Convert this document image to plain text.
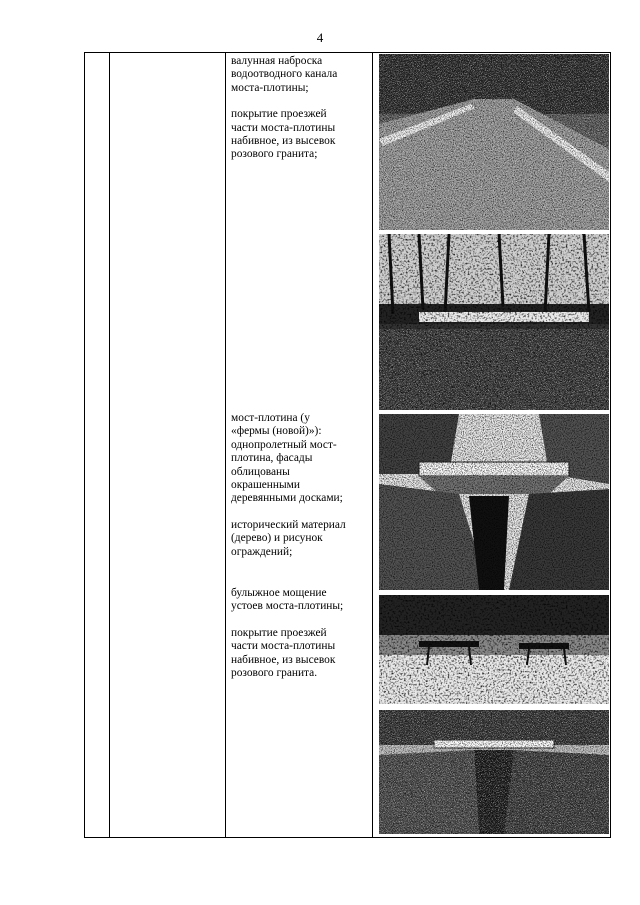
4

валунная наброска
водоотводного канала
моста-плотины;

покрытие проезжей
части моста-плотины
набивное, из высевок
розового гранита;

мост-плотина (у
«фермы (новой)»):
однопролетный мост-
плотина, фасады
облицованы
окрашенными
деревянными досками;

исторический материал
(дерево) и рисунок
ограждений;

булыжное мощение
устоев моста-плотины;

покрытие проезжей
части моста-плотины
набивное, из высевок
розового гранита.
